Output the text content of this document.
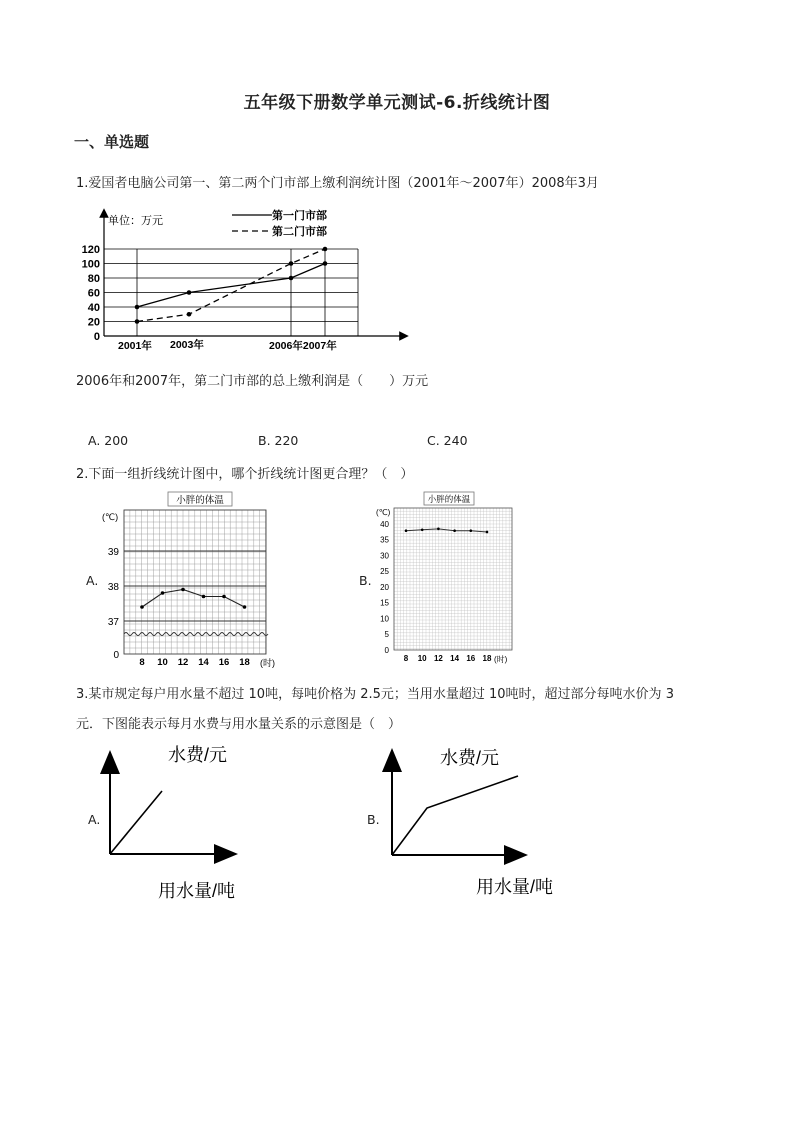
五年级下册数学单元测试-6.折线统计图
一、单选题
1.爱国者电脑公司第一、第二两个门市部上缴利润统计图（2001年～2007年）2008年3月
单位：万元	第一门市部
第二门市部
0
20
40
60
80
100
120
2001年 2003年	2006年2007年
2006年和2007年，第二门市部的总上缴利润是（　　）万元
A. 200	B. 220	C. 240
2.下面一组折线统计图中，哪个折线统计图更合理？（　）
A.
小胖的体温
(℃)
0
37
38
39
8 10 12 14 16 18 (时)
B.
小胖的体温
(℃)
0
5
10
15
20
25
30
35
40
8 10 12 14 16 18 (时)
3.某市规定每户用水量不超过 10吨，每吨价格为 2.5元；当用水量超过 10吨时，超过部分每吨水价为 3
元．下图能表示每月水费与用水量关系的示意图是（　）
A.
水费/元
用水量/吨
B.
水费/元
用水量/吨
